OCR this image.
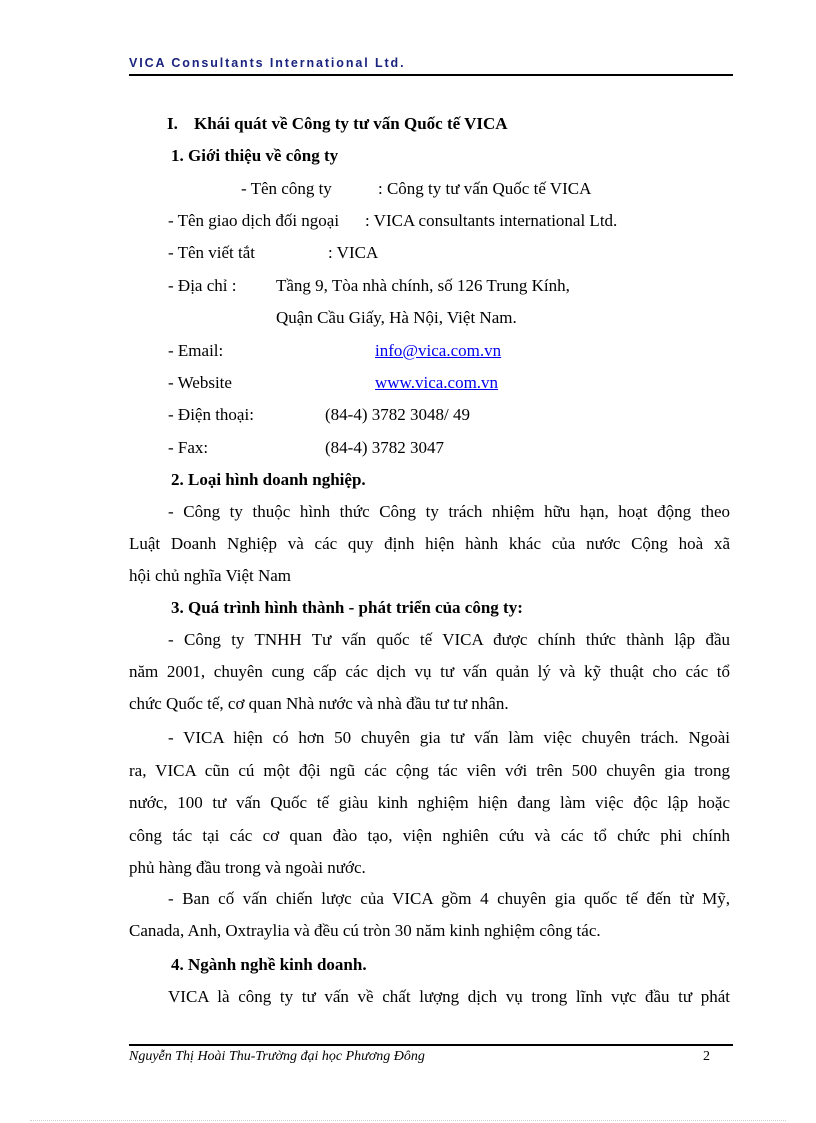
VICA Consultants International Ltd.
I. Khái quát về Công ty tư vấn Quốc tế VICA
1. Giới thiệu về công ty
- Tên công ty	: Công ty tư vấn Quốc tế VICA
- Tên giao dịch đối ngoại : VICA consultants international Ltd.
- Tên viết tắt	: VICA
- Địa chỉ : Tầng 9, Tòa nhà chính, số 126 Trung Kính,
Quận Cầu Giấy, Hà Nội, Việt Nam.
- Email:	info@vica.com.vn
- Website	www.vica.com.vn
- Điện thoại:	(84-4) 3782 3048/ 49
- Fax:	(84-4) 3782 3047
2. Loại hình doanh nghiệp.
- Công ty thuộc hình thức Công ty trách nhiệm hữu hạn, hoạt động theo
Luật Doanh Nghiệp và các quy định hiện hành khác của nước Cộng hoà xã
hội chủ nghĩa Việt Nam
3. Quá trình hình thành - phát triển của công ty:
- Công ty TNHH Tư vấn quốc tế VICA được chính thức thành lập đầu
năm 2001, chuyên cung cấp các dịch vụ tư vấn quản lý và kỹ thuật cho các tổ
chức Quốc tế, cơ quan Nhà nước và nhà đầu tư tư nhân.
- VICA hiện có hơn 50 chuyên gia tư vấn làm việc chuyên trách. Ngoài
ra, VICA cũn cú một đội ngũ các cộng tác viên với trên 500 chuyên gia trong
nước, 100 tư vấn Quốc tế giàu kinh nghiệm hiện đang làm việc độc lập hoặc
công tác tại các cơ quan đào tạo, viện nghiên cứu và các tổ chức phi chính
phủ hàng đầu trong và ngoài nước.
- Ban cố vấn chiến lược của VICA gồm 4 chuyên gia quốc tế đến từ Mỹ,
Canada, Anh, Oxtraylia và đều cú tròn 30 năm kinh nghiệm công tác.
4. Ngành nghề kinh doanh.
VICA là công ty tư vấn về chất lượng dịch vụ trong lĩnh vực đầu tư phát
Nguyễn Thị Hoài Thu-Trường đại học Phương Đông	2
